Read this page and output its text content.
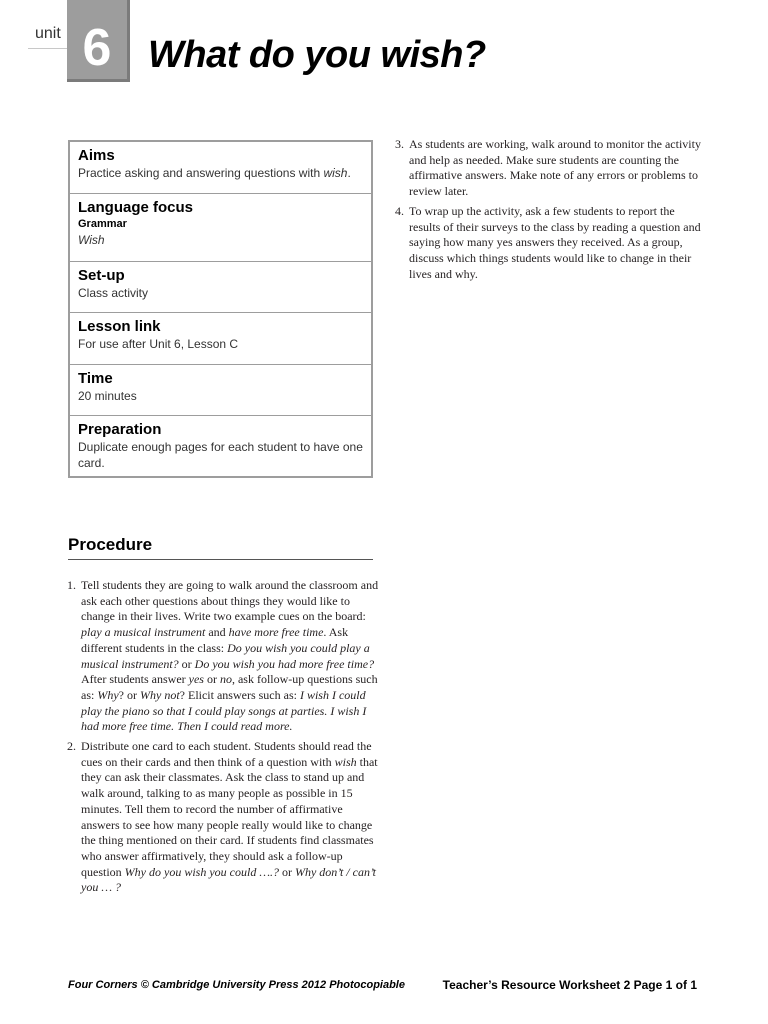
unit 6 What do you wish?
Aims
Practice asking and answering questions with wish.
Language focus
Grammar
Wish
Set-up
Class activity
Lesson link
For use after Unit 6, Lesson C
Time
20 minutes
Preparation
Duplicate enough pages for each student to have one card.
Procedure
1. Tell students they are going to walk around the classroom and ask each other questions about things they would like to change in their lives. Write two example cues on the board: play a musical instrument and have more free time. Ask different students in the class: Do you wish you could play a musical instrument? or Do you wish you had more free time? After students answer yes or no, ask follow-up questions such as: Why? or Why not? Elicit answers such as: I wish I could play the piano so that I could play songs at parties. I wish I had more free time. Then I could read more.
2. Distribute one card to each student. Students should read the cues on their cards and then think of a question with wish that they can ask their classmates. Ask the class to stand up and walk around, talking to as many people as possible in 15 minutes. Tell them to record the number of affirmative answers to see how many people really would like to change the thing mentioned on their card. If students find classmates who answer affirmatively, they should ask a follow-up question Why do you wish you could ….? or Why don’t / can’t you … ?
3. As students are working, walk around to monitor the activity and help as needed. Make sure students are counting the affirmative answers. Make note of any errors or problems to review later.
4. To wrap up the activity, ask a few students to report the results of their surveys to the class by reading a question and saying how many yes answers they received. As a group, discuss which things students would like to change in their lives and why.
Four Corners © Cambridge University Press 2012 Photocopiable	Teacher’s Resource Worksheet 2 Page 1 of 1
